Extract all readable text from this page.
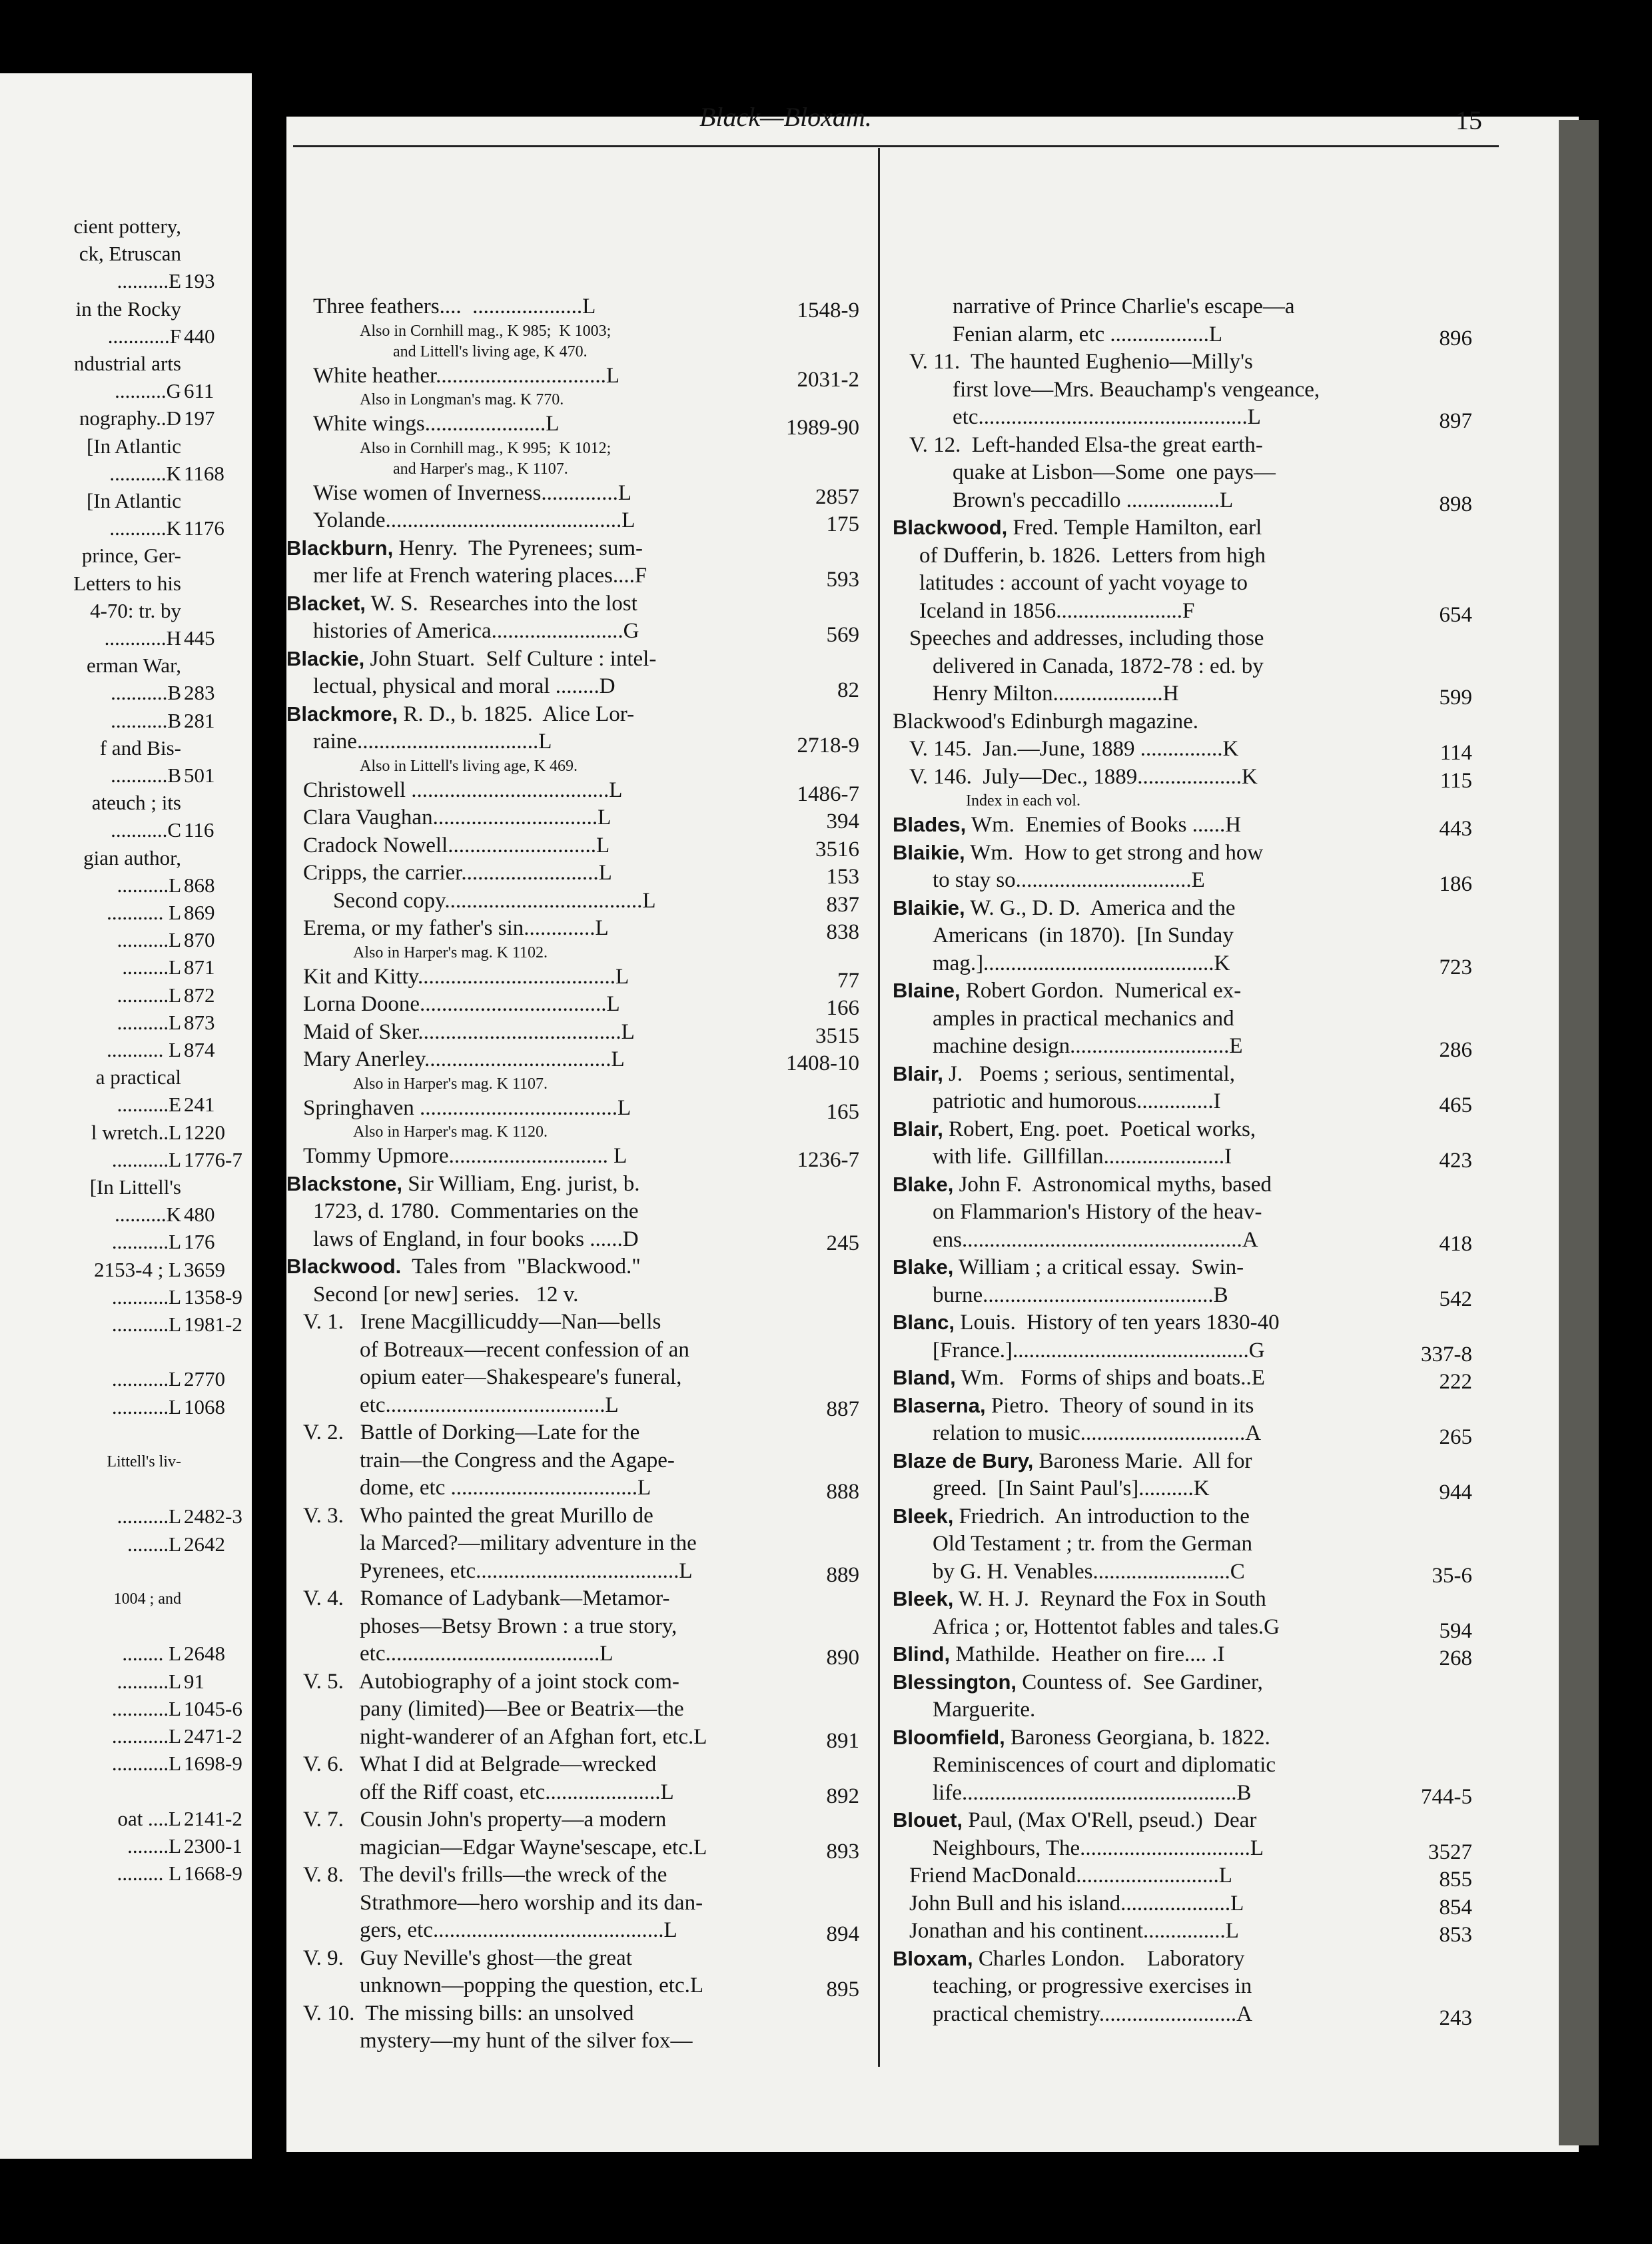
cient pottery,
ck, Etruscan
..........E 193
in the Rocky
............F 440
ndustrial arts
..........G 611
nography..D 197
[In Atlantic
...........K 1168
[In Atlantic
...........K 1176
prince, Ger-
Letters to his
4-70: tr. by
............H 445
erman War,
...........B 283
...........B 281
f and Bis-
...........B 501
ateuch ; its
...........C 116
gian author,
..........L 868
........... L 869
..........L 870
.........L 871
..........L 872
..........L 873
........... L 874
a practical
..........E 241
l wretch..L 1220
...........L 1776-7
[In Littell's
..........K 480
...........L 176
2153-4 ; L 3659
...........L 1358-9
...........L 1981-2
...........L 2770
...........L 1068
Littell's liv-
..........L 2482-3
........L 2642
1004 ; and
........ L 2648
..........L 91
...........L 1045-6
...........L 2471-2
...........L 1698-9
oat ....L 2141-2
........L 2300-1
......... L 1668-9
Black—Bloxam.	15
Three feathers....  ....................L	1548-9
Also in Cornhill mag., K 985;  K 1003;
and Littell's living age, K 470.
White heather...............................L	2031-2
Also in Longman's mag. K 770.
White wings......................L	1989-90
Also in Cornhill mag., K 995;  K 1012;
and Harper's mag., K 1107.
Wise women of Inverness..............L	2857
Yolande...........................................L	175
Blackburn, Henry.  The Pyrenees; sum-
mer life at French watering places....F	593
Blacket, W. S.  Researches into the lost
histories of America........................G	569
Blackie, John Stuart.  Self Culture : intel-
lectual, physical and moral ........D	82
Blackmore, R. D., b. 1825.  Alice Lor-
raine.................................L	2718-9
Also in Littell's living age, K 469.
Christowell ....................................L	1486-7
Clara Vaughan..............................L	394
Cradock Nowell...........................L	3516
Cripps, the carrier.........................L	153
Second copy....................................L	837
Erema, or my father's sin.............L	838
Also in Harper's mag. K 1102.
Kit and Kitty....................................L	77
Lorna Doone..................................L	166
Maid of Sker.....................................L	3515
Mary Anerley..................................L	1408-10
Also in Harper's mag. K 1107.
Springhaven ....................................L	165
Also in Harper's mag. K 1120.
Tommy Upmore............................. L	1236-7
Blackstone, Sir William, Eng. jurist, b.
1723, d. 1780.  Commentaries on the
laws of England, in four books ......D	245
Blackwood.  Tales from  "Blackwood."
Second [or new] series.   12 v.
V. 1.   Irene Macgillicuddy—Nan—bells
of Botreaux—recent confession of an
opium eater—Shakespeare's funeral,
etc........................................L	887
V. 2.   Battle of Dorking—Late for the
train—the Congress and the Agape-
dome, etc ..................................L	888
V. 3.   Who painted the great Murillo de
la Marced?—military adventure in the
Pyrenees, etc.....................................L	889
V. 4.   Romance of Ladybank—Metamor-
phoses—Betsy Brown : a true story,
etc.......................................L	890
V. 5.   Autobiography of a joint stock com-
pany (limited)—Bee or Beatrix—the
night-wanderer of an Afghan fort, etc.L	891
V. 6.   What I did at Belgrade—wrecked
off the Riff coast, etc.....................L	892
V. 7.   Cousin John's property—a modern
magician—Edgar Wayne'sescape, etc.L	893
V. 8.   The devil's frills—the wreck of the
Strathmore—hero worship and its dan-
gers, etc..........................................L	894
V. 9.   Guy Neville's ghost—the great
unknown—popping the question, etc.L	895
V. 10.  The missing bills: an unsolved
mystery—my hunt of the silver fox—
narrative of Prince Charlie's escape—a
Fenian alarm, etc ..................L	896
V. 11.  The haunted Eughenio—Milly's
first love—Mrs. Beauchamp's vengeance,
etc.................................................L	897
V. 12.  Left-handed Elsa-the great earth-
quake at Lisbon—Some  one pays—
Brown's peccadillo .................L	898
Blackwood, Fred. Temple Hamilton, earl
of Dufferin, b. 1826.  Letters from high
latitudes : account of yacht voyage to
Iceland in 1856.......................F	654
Speeches and addresses, including those
delivered in Canada, 1872-78 : ed. by
Henry Milton....................H	599
Blackwood's Edinburgh magazine.
V. 145.  Jan.—June, 1889 ...............K	114
V. 146.  July—Dec., 1889...................K	115
Index in each vol.
Blades, Wm.  Enemies of Books ......H	443
Blaikie, Wm.  How to get strong and how
to stay so................................E	186
Blaikie, W. G., D. D.  America and the
Americans  (in 1870).  [In Sunday
mag.]..........................................K	723
Blaine, Robert Gordon.  Numerical ex-
amples in practical mechanics and
machine design.............................E	286
Blair, J.   Poems ; serious, sentimental,
patriotic and humorous..............I	465
Blair, Robert, Eng. poet.  Poetical works,
with life.  Gillfillan......................I	423
Blake, John F.  Astronomical myths, based
on Flammarion's History of the heav-
ens...................................................A	418
Blake, William ; a critical essay.  Swin-
burne..........................................B	542
Blanc, Louis.  History of ten years 1830-40
[France.]...........................................G	337-8
Bland, Wm.   Forms of ships and boats..E	222
Blaserna, Pietro.  Theory of sound in its
relation to music..............................A	265
Blaze de Bury, Baroness Marie.  All for
greed.  [In Saint Paul's]..........K	944
Bleek, Friedrich.  An introduction to the
Old Testament ; tr. from the German
by G. H. Venables.........................C	35-6
Bleek, W. H. J.  Reynard the Fox in South
Africa ; or, Hottentot fables and tales.G	594
Blind, Mathilde.  Heather on fire.... .I	268
Blessington, Countess of.  See Gardiner,
Marguerite.
Bloomfield, Baroness Georgiana, b. 1822.
Reminiscences of court and diplomatic
life..................................................B	744-5
Blouet, Paul, (Max O'Rell, pseud.)  Dear
Neighbours, The...............................L	3527
Friend MacDonald..........................L	855
John Bull and his island....................L	854
Jonathan and his continent...............L	853
Bloxam, Charles London.    Laboratory
teaching, or progressive exercises in
practical chemistry.........................A	243
